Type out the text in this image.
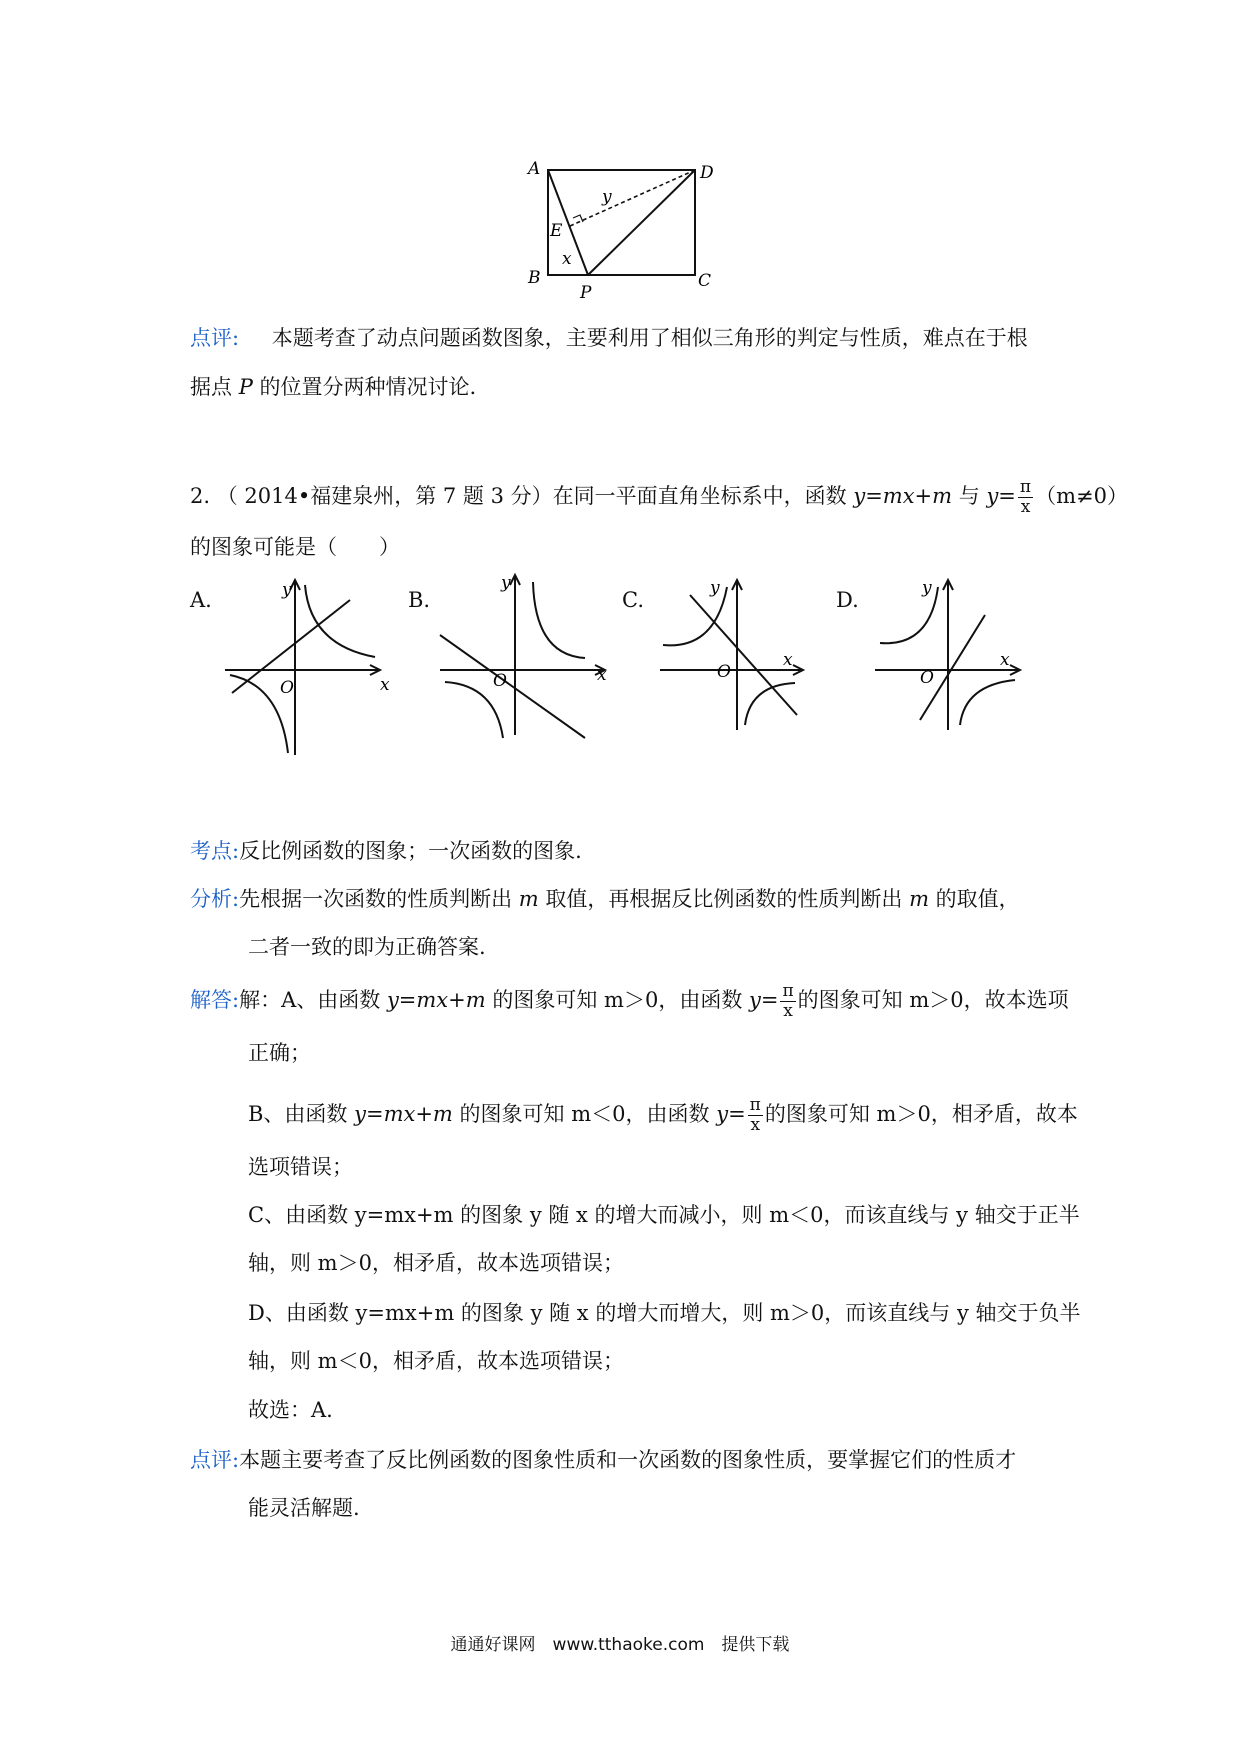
A	D
E
B
P
C
y
x
点评: 本题考查了动点问题函数图象，主要利用了相似三角形的判定与性质，难点在于根
据点 P 的位置分两种情况讨论.
2. （ 2014•福建泉州，第 7 题 3 分）在同一平面直角坐标系中，函数 y=mx+m 与 $y= \frac{\pi}{x} (m\ne 0)$
的图象可能是（　　）
A.
O	x
y	B.
O	x
y
C.
O
x
y	D.
O
x
y
考点:反比例函数的图象；一次函数的图象.
分析:先根据一次函数的性质判断出 m 取值，再根据反比例函数的性质判断出 m 的取值，
二者一致的即为正确答案.
解答:解：A、由函数 y=mx+m 的图象可知 m＞0，由函数 $y= \frac{\pi}{x}$ 的图象可知 m＞0，故本选项
正确；
B、由函数 y=mx+m 的图象可知 m＜0，由函数 $y= \frac{\pi}{x}$ 的图象可知 m＞0，相矛盾，故本
选项错误；
C、由函数 y=mx+m 的图象 y 随 x 的增大而减小，则 m＜0，而该直线与 y 轴交于正半
轴，则 m＞0，相矛盾，故本选项错误；
D、由函数 y=mx+m 的图象 y 随 x 的增大而增大，则 m＞0，而该直线与 y 轴交于负半
轴，则 m＜0，相矛盾，故本选项错误；
故选：A.
点评:本题主要考查了反比例函数的图象性质和一次函数的图象性质，要掌握它们的性质才
能灵活解题.
通通好课网　www.tthaoke.com　提供下载
